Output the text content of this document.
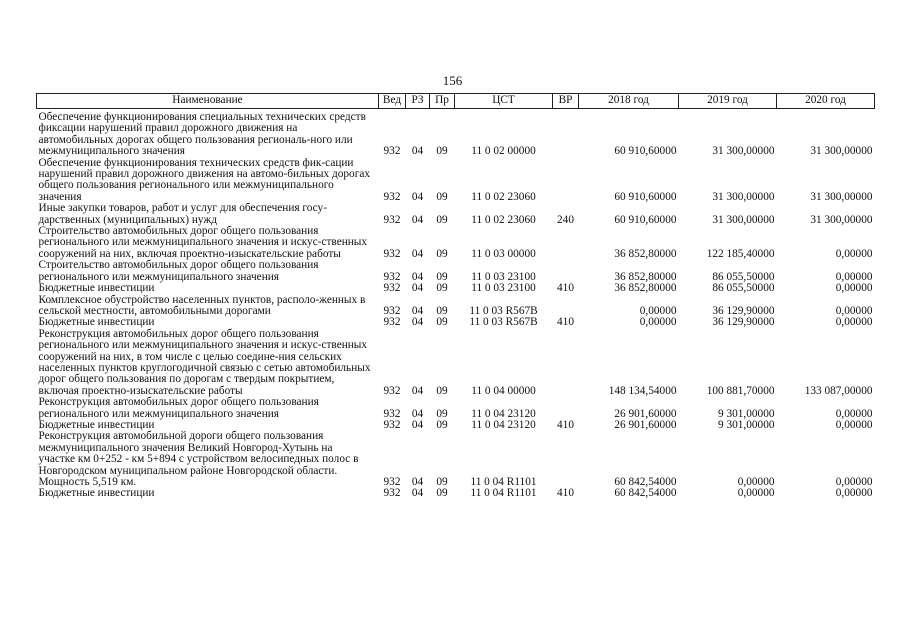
156
Наименование	Вед	РЗ	Пр	ЦСТ	ВР	2018 год	2019 год	2020 год
Обеспечение функционирования специальных технических средств фиксации нарушений правил дорожного движения на автомобильных дорогах общего пользования региональ-ного или межмуниципального значения	932	04	09	11 0 02 00000		60 910,60000	31 300,00000	31 300,00000
Обеспечение функционирования технических средств фик-сации нарушений правил дорожного движения на автомо-бильных дорогах общего пользования регионального или межмуниципального значения	932	04	09	11 0 02 23060		60 910,60000	31 300,00000	31 300,00000
Иные закупки товаров, работ и услуг для обеспечения госу-дарственных (муниципальных) нужд	932	04	09	11 0 02 23060	240	60 910,60000	31 300,00000	31 300,00000
Строительство автомобильных дорог общего пользования регионального или межмуниципального значения и искус-ственных сооружений на них, включая проектно-изыскательские работы	932	04	09	11 0 03 00000		36 852,80000	122 185,40000	0,00000
Строительство автомобильных дорог общего пользования регионального или межмуниципального значения	932	04	09	11 0 03 23100		36 852,80000	86 055,50000	0,00000
Бюджетные инвестиции	932	04	09	11 0 03 23100	410	36 852,80000	86 055,50000	0,00000
Комплексное обустройство населенных пунктов, располо-женных в сельской местности, автомобильными дорогами	932	04	09	11 0 03 R567B		0,00000	36 129,90000	0,00000
Бюджетные инвестиции	932	04	09	11 0 03 R567B	410	0,00000	36 129,90000	0,00000
Реконструкция автомобильных дорог общего пользования регионального или межмуниципального значения и искус-ственных сооружений на них, в том числе с целью соедине-ния сельских населенных пунктов круглогодичной связью с сетью автомобильных дорог общего пользования по дорогам с твердым покрытием, включая проектно-изыскательские работы	932	04	09	11 0 04 00000		148 134,54000	100 881,70000	133 087,00000
Реконструкция автомобильных дорог общего пользования регионального или межмуниципального значения	932	04	09	11 0 04 23120		26 901,60000	9 301,00000	0,00000
Бюджетные инвестиции	932	04	09	11 0 04 23120	410	26 901,60000	9 301,00000	0,00000
Реконструкция автомобильной дороги общего пользования межмуниципального значения Великий Новгород-Хутынь на участке км 0+252 - км 5+894 с устройством велосипедных полос в Новгородском муниципальном районе Новгородской области. Мощность 5,519 км.	932	04	09	11 0 04 R1101		60 842,54000	0,00000	0,00000
Бюджетные инвестиции	932	04	09	11 0 04 R1101	410	60 842,54000	0,00000	0,00000
